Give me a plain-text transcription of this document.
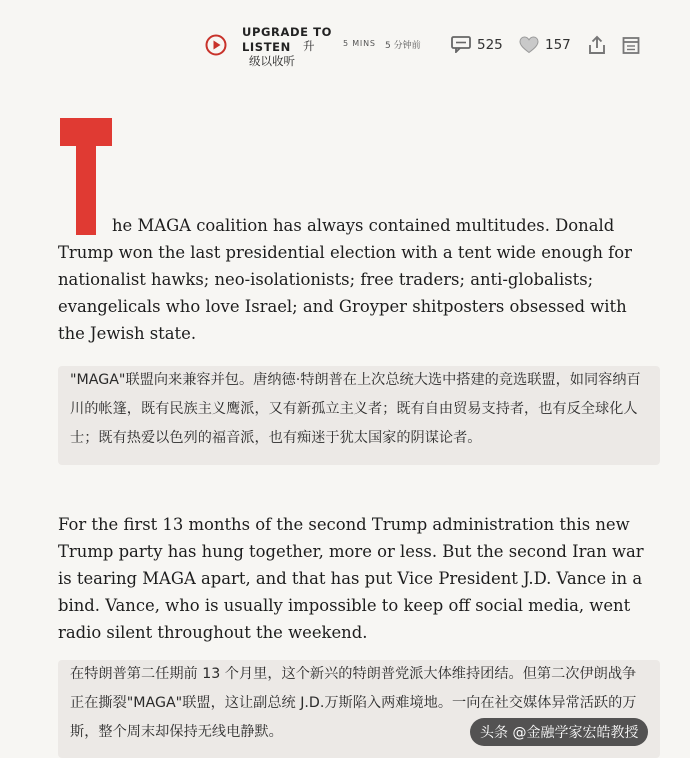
UPGRADE TO
LISTEN	升
级以收听
5 MINS 5 分钟前	525	157

he MAGA coalition has always contained multitudes. Donald Trump won the last presidential election with a tent wide enough for nationalist hawks; neo-isolationists; free traders; anti-globalists; evangelicals who love Israel; and Groyper shitposters obsessed with the Jewish state.

"MAGA"联盟向来兼容并包。唐纳德·特朗普在上次总统大选中搭建的竞选联盟，如同容纳百川的帐篷，既有民族主义鹰派，又有新孤立主义者；既有自由贸易支持者，也有反全球化人士；既有热爱以色列的福音派，也有痴迷于犹太国家的阴谋论者。

For the first 13 months of the second Trump administration this new Trump party has hung together, more or less. But the second Iran war is tearing MAGA apart, and that has put Vice President J.D. Vance in a bind. Vance, who is usually impossible to keep off social media, went radio silent throughout the weekend.

在特朗普第二任期前 13 个月里，这个新兴的特朗普党派大体维持团结。但第二次伊朗战争正在撕裂"MAGA"联盟，这让副总统 J.D.万斯陷入两难境地。一向在社交媒体异常活跃的万斯，整个周末却保持无线电静默。	头条 @金融学家宏皓教授
